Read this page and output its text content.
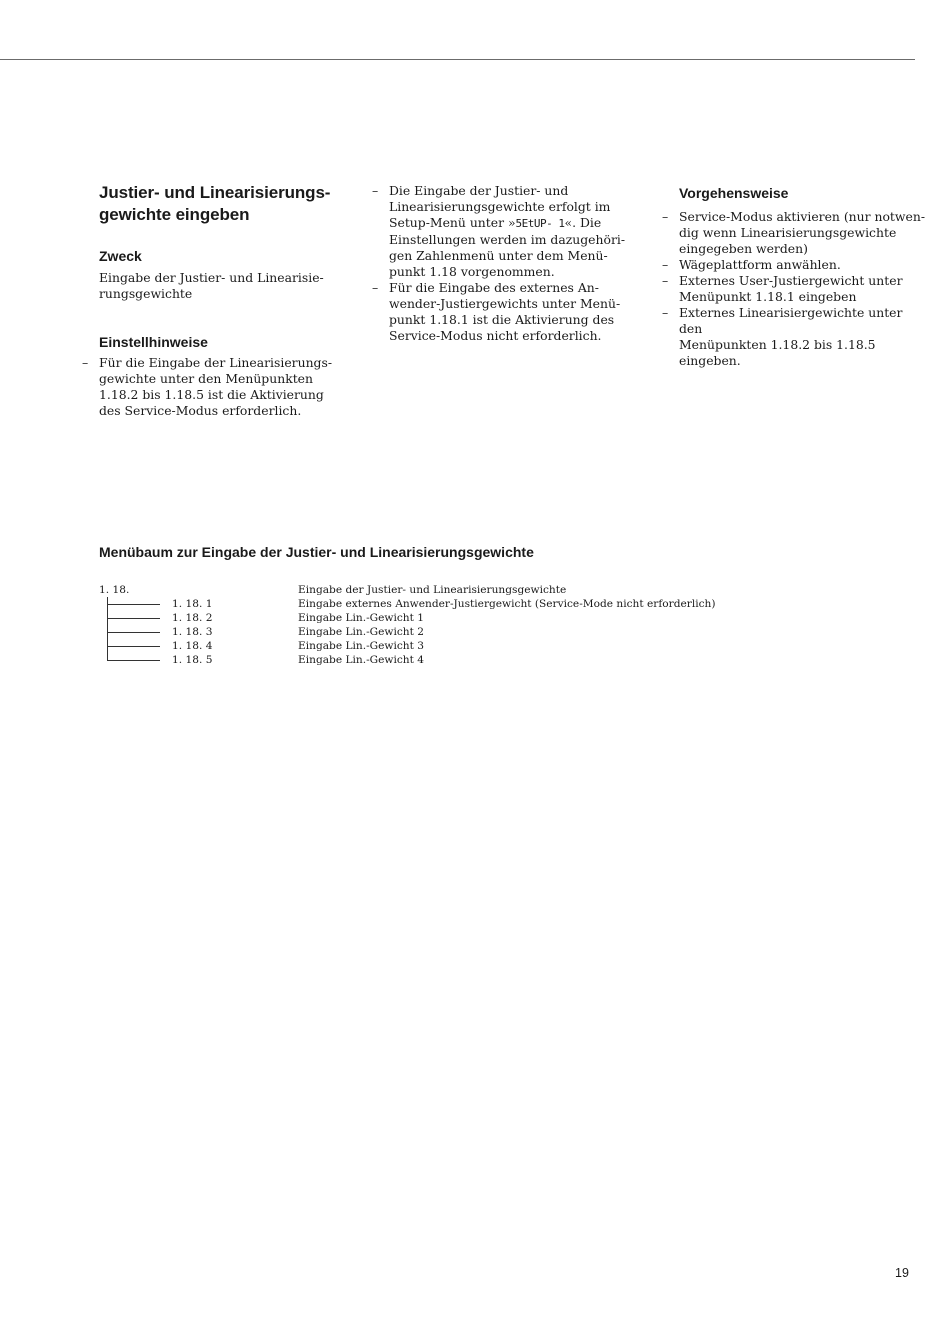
Justier- und Linearisierungs-
gewichte eingeben

Zweck

Eingabe der Justier- und Linearisie-
rungsgewichte

Einstellhinweise

– Für die Eingabe der Linearisierungs-
gewichte unter den Menüpunkten
1.18.2 bis 1.18.5 ist die Aktivierung
des Service-Modus erforderlich.
– Die Eingabe der Justier- und
Linearisierungsgewichte erfolgt im
Setup-Menü unter »5EtUP- 1«. Die
Einstellungen werden im dazugehöri-
gen Zahlenmenü unter dem Menü-
punkt 1.18 vorgenommen.
– Für die Eingabe des externes An-
wender-Justiergewichts unter Menü-
punkt 1.18.1 ist die Aktivierung des
Service-Modus nicht erforderlich.

Vorgehensweise

– Service-Modus aktivieren (nur notwen-
dig wenn Linearisierungsgewichte
eingegeben werden)
– Wägeplattform anwählen.
– Externes User-Justiergewicht unter
Menüpunkt 1.18.1 eingeben
– Externes Linearisiergewichte unter den
Menüpunkten 1.18.2 bis 1.18.5
eingeben.

Menübaum zur Eingabe der Justier- und Linearisierungsgewichte

1. 18.	Eingabe der Justier- und Linearisierungsgewichte
1. 18. 1	Eingabe externes Anwender-Justiergewicht (Service-Mode nicht erforderlich)
1. 18. 2	Eingabe Lin.-Gewicht 1
1. 18. 3	Eingabe Lin.-Gewicht 2
1. 18. 4	Eingabe Lin.-Gewicht 3
1. 18. 5	Eingabe Lin.-Gewicht 4
19
